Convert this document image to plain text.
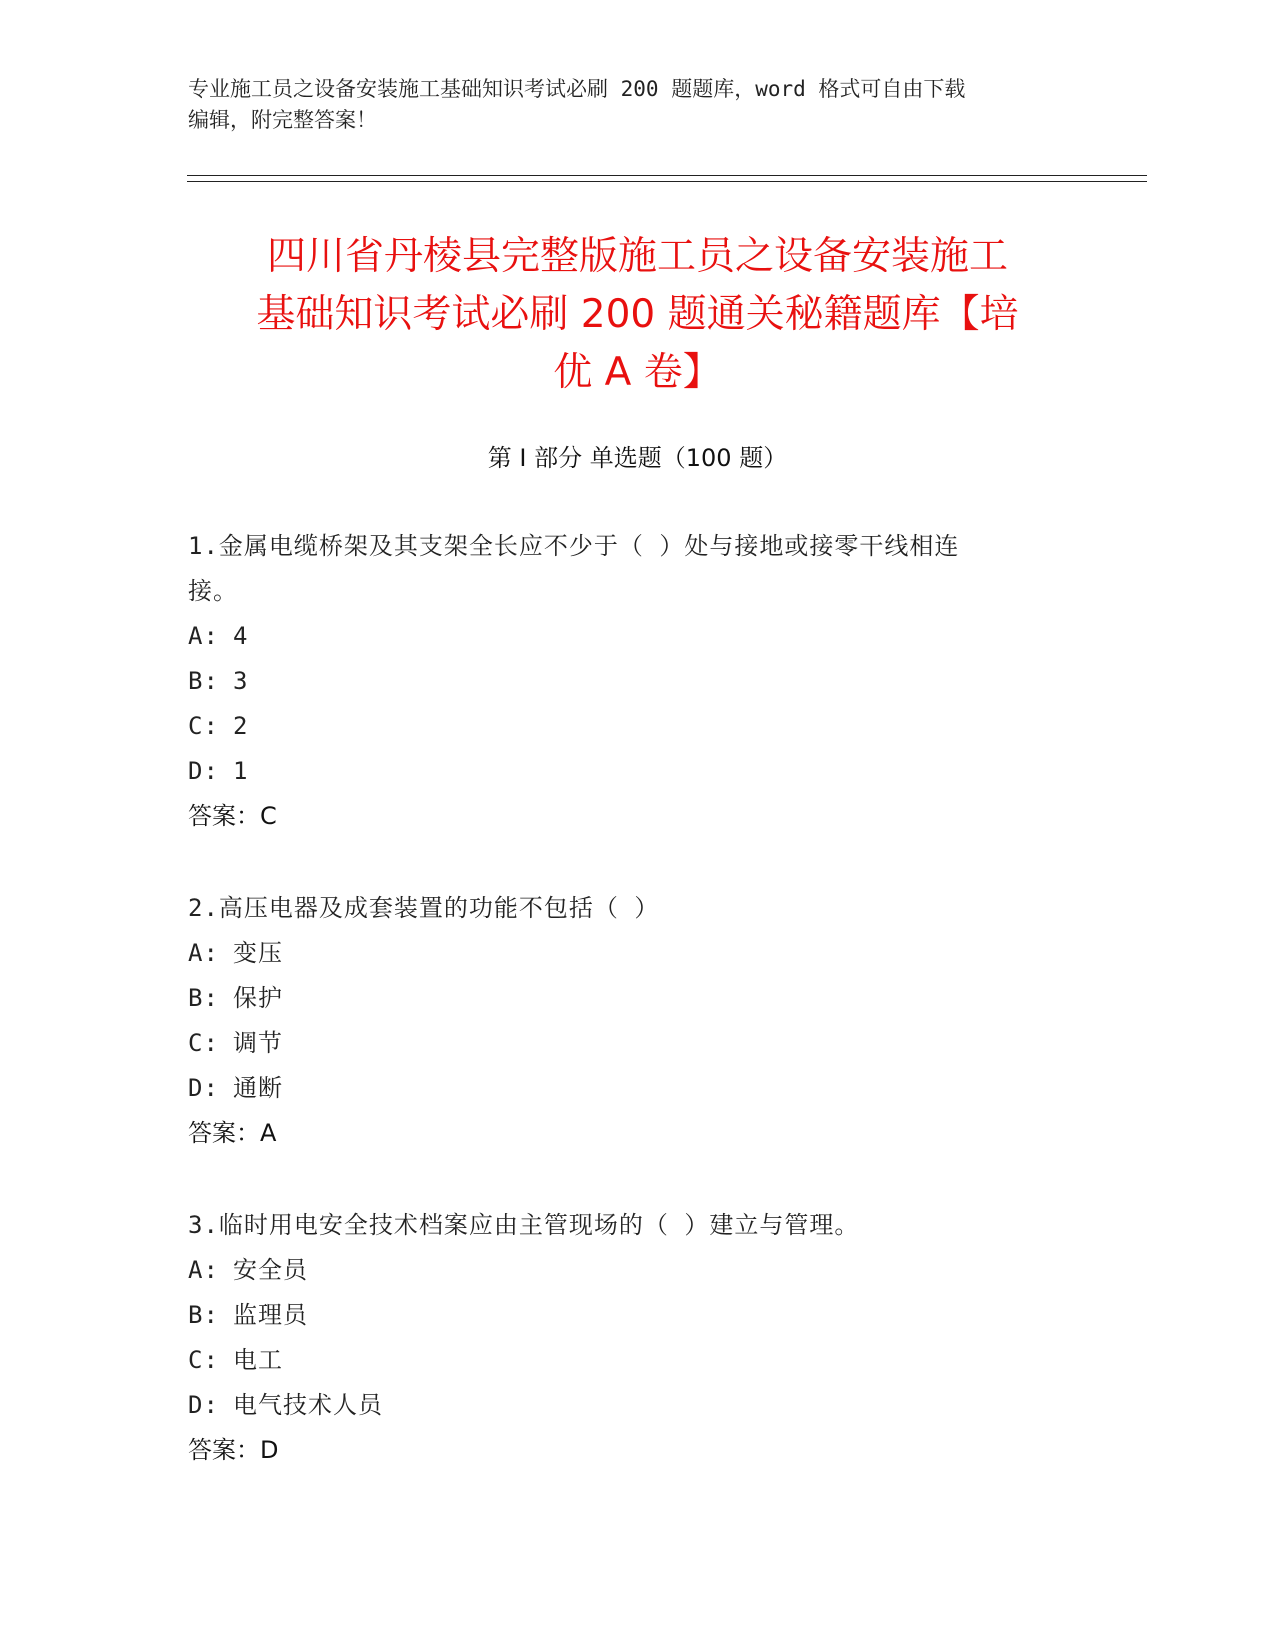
专业施工员之设备安装施工基础知识考试必刷 200 题题库，word 格式可自由下载
编辑，附完整答案！
四川省丹棱县完整版施工员之设备安装施工
基础知识考试必刷 200 题通关秘籍题库【培
优 A 卷】
第 I 部分 单选题（100 题）
1.金属电缆桥架及其支架全长应不少于（ ）处与接地或接零干线相连
接。
A: 4
B: 3
C: 2
D: 1
答案：C
2.高压电器及成套装置的功能不包括（ ）
A: 变压
B: 保护
C: 调节
D: 通断
答案：A
3.临时用电安全技术档案应由主管现场的（ ）建立与管理。
A: 安全员
B: 监理员
C: 电工
D: 电气技术人员
答案：D
